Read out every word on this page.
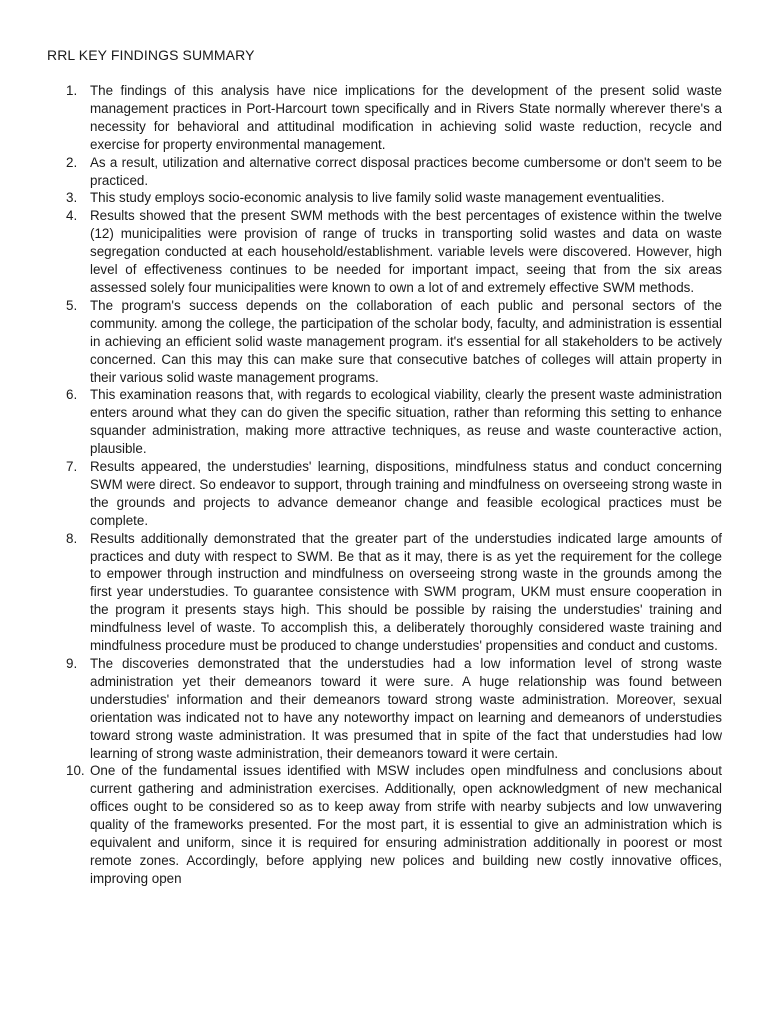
RRL KEY FINDINGS SUMMARY
1. The findings of this analysis have nice implications for the development of the present solid waste management practices in Port-Harcourt town specifically and in Rivers State normally wherever there's a necessity for behavioral and attitudinal modification in achieving solid waste reduction, recycle and exercise for property environmental management.
2. As a result, utilization and alternative correct disposal practices become cumbersome or don't seem to be practiced.
3. This study employs socio-economic analysis to live family solid waste management eventualities.
4. Results showed that the present SWM methods with the best percentages of existence within the twelve (12) municipalities were provision of range of trucks in transporting solid wastes and data on waste segregation conducted at each household/establishment. variable levels were discovered. However, high level of effectiveness continues to be needed for important impact, seeing that from the six areas assessed solely four municipalities were known to own a lot of and extremely effective SWM methods.
5. The program's success depends on the collaboration of each public and personal sectors of the community. among the college, the participation of the scholar body, faculty, and administration is essential in achieving an efficient solid waste management program. it's essential for all stakeholders to be actively concerned. Can this may this can make sure that consecutive batches of colleges will attain property in their various solid waste management programs.
6. This examination reasons that, with regards to ecological viability, clearly the present waste administration enters around what they can do given the specific situation, rather than reforming this setting to enhance squander administration, making more attractive techniques, as reuse and waste counteractive action, plausible.
7. Results appeared, the understudies' learning, dispositions, mindfulness status and conduct concerning SWM were direct. So endeavor to support, through training and mindfulness on overseeing strong waste in the grounds and projects to advance demeanor change and feasible ecological practices must be complete.
8. Results additionally demonstrated that the greater part of the understudies indicated large amounts of practices and duty with respect to SWM. Be that as it may, there is as yet the requirement for the college to empower through instruction and mindfulness on overseeing strong waste in the grounds among the first year understudies. To guarantee consistence with SWM program, UKM must ensure cooperation in the program it presents stays high. This should be possible by raising the understudies' training and mindfulness level of waste. To accomplish this, a deliberately thoroughly considered waste training and mindfulness procedure must be produced to change understudies' propensities and conduct and customs.
9. The discoveries demonstrated that the understudies had a low information level of strong waste administration yet their demeanors toward it were sure. A huge relationship was found between understudies' information and their demeanors toward strong waste administration. Moreover, sexual orientation was indicated not to have any noteworthy impact on learning and demeanors of understudies toward strong waste administration. It was presumed that in spite of the fact that understudies had low learning of strong waste administration, their demeanors toward it were certain.
10. One of the fundamental issues identified with MSW includes open mindfulness and conclusions about current gathering and administration exercises. Additionally, open acknowledgment of new mechanical offices ought to be considered so as to keep away from strife with nearby subjects and low unwavering quality of the frameworks presented. For the most part, it is essential to give an administration which is equivalent and uniform, since it is required for ensuring administration additionally in poorest or most remote zones. Accordingly, before applying new polices and building new costly innovative offices, improving open
